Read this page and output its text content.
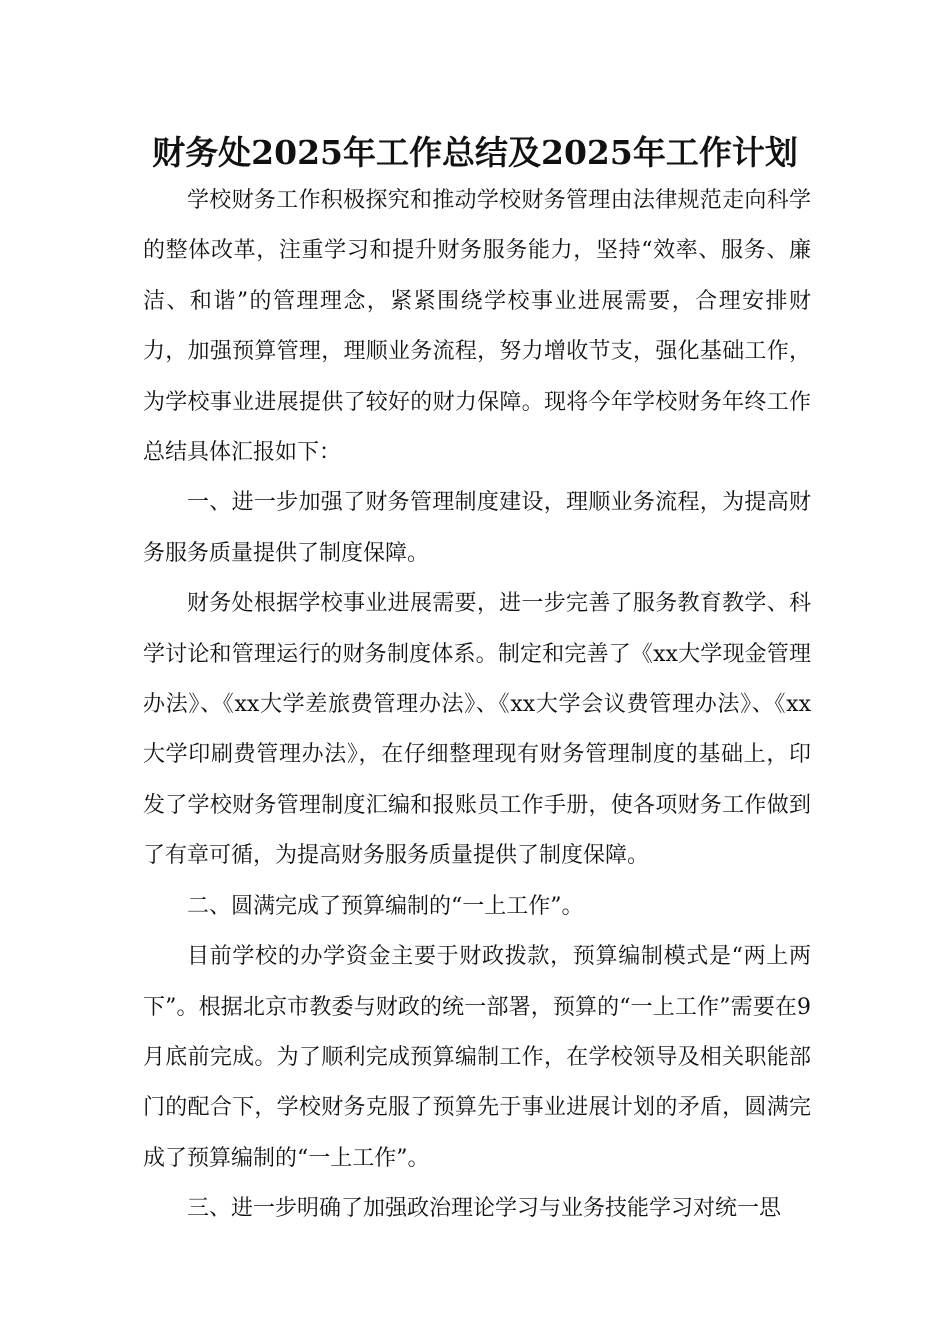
财务处2025年工作总结及2025年工作计划

学校财务工作积极探究和推动学校财务管理由法律规范走向科学的整体改革，注重学习和提升财务服务能力，坚持“效率、服务、廉洁、和谐”的管理理念，紧紧围绕学校事业进展需要，合理安排财力，加强预算管理，理顺业务流程，努力增收节支，强化基础工作，为学校事业进展提供了较好的财力保障。现将今年学校财务年终工作总结具体汇报如下：

一、进一步加强了财务管理制度建设，理顺业务流程，为提高财务服务质量提供了制度保障。

财务处根据学校事业进展需要，进一步完善了服务教育教学、科学讨论和管理运行的财务制度体系。制定和完善了《xx大学现金管理办法》、《xx大学差旅费管理办法》、《xx大学会议费管理办法》、《xx大学印刷费管理办法》，在仔细整理现有财务管理制度的基础上，印发了学校财务管理制度汇编和报账员工作手册，使各项财务工作做到了有章可循，为提高财务服务质量提供了制度保障。

二、圆满完成了预算编制的“一上工作”。

目前学校的办学资金主要于财政拨款，预算编制模式是“两上两下”。根据北京市教委与财政的统一部署，预算的“一上工作”需要在9月底前完成。为了顺利完成预算编制工作，在学校领导及相关职能部门的配合下，学校财务克服了预算先于事业进展计划的矛盾，圆满完成了预算编制的“一上工作”。

三、进一步明确了加强政治理论学习与业务技能学习对统一思
